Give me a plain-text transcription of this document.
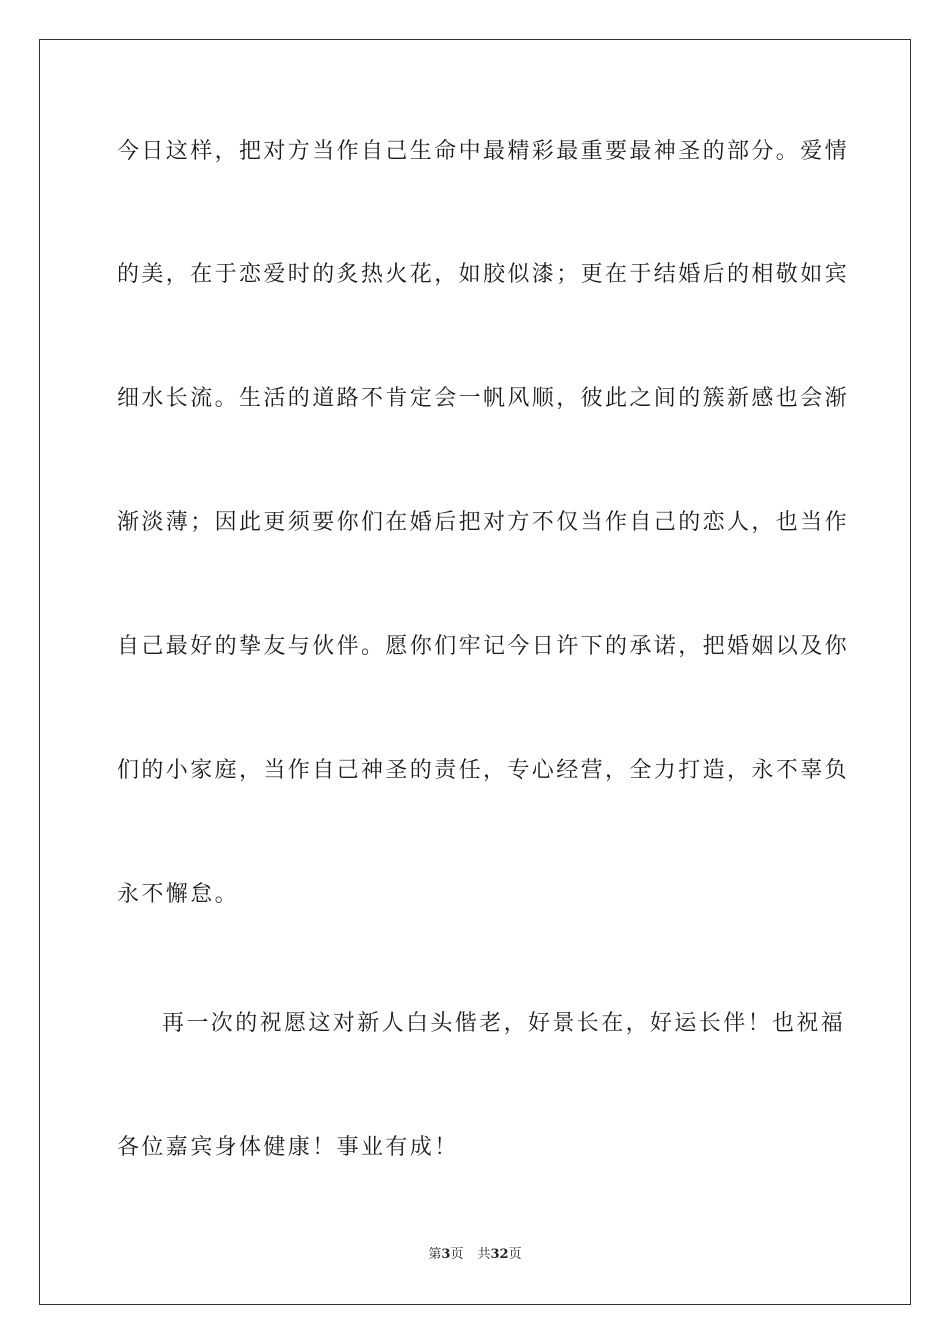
今日这样，把对方当作自己生命中最精彩最重要最神圣的部分。爱情
的美，在于恋爱时的炙热火花，如胶似漆；更在于结婚后的相敬如宾
细水长流。生活的道路不肯定会一帆风顺，彼此之间的簇新感也会渐
渐淡薄；因此更须要你们在婚后把对方不仅当作自己的恋人，也当作
自己最好的挚友与伙伴。愿你们牢记今日许下的承诺，把婚姻以及你
们的小家庭，当作自己神圣的责任，专心经营，全力打造，永不辜负
永不懈怠。
再一次的祝愿这对新人白头偕老，好景长在，好运长伴！也祝福
各位嘉宾身体健康！事业有成！
第3页 共32页
